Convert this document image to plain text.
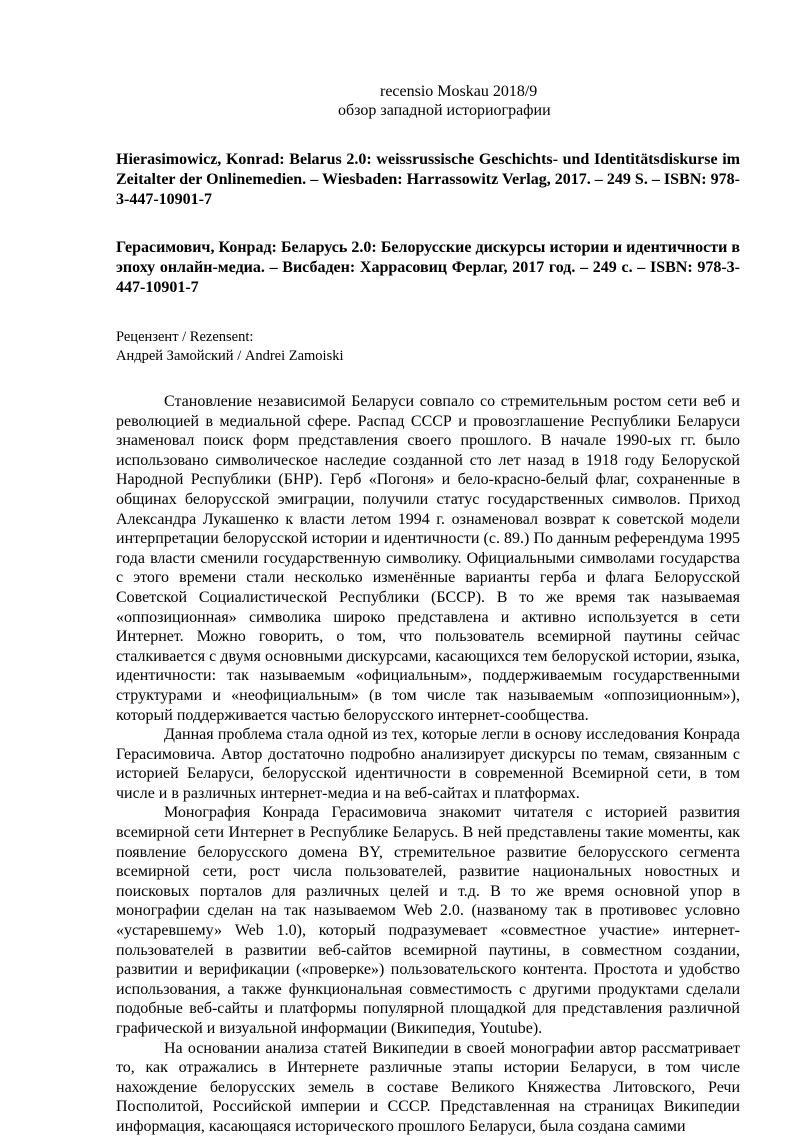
recensio Moskau 2018/9
обзор западной историографии

Hierasimowicz, Konrad: Belarus 2.0: weissrussische Geschichts- und Identitätsdiskurse im Zeitalter der Onlinemedien. – Wiesbaden: Harrassowitz Verlag, 2017. – 249 S. – ISBN: 978-3-447-10901-7

Герасимович, Конрад: Беларусь 2.0: Белорусские дискурсы истории и идентичности в эпоху онлайн-медиа. – Висбаден: Харрасовиц Ферлаг, 2017 год. – 249 с. – ISBN: 978-3-447-10901-7

Рецензент / Rezensent:
Андрей Замойский / Andrei Zamoiski

Становление независимой Беларуси совпало со стремительным ростом сети веб и революцией в медиальной сфере. Распад СССР и провозглашение Республики Беларуси знаменовал поиск форм представления своего прошлого. В начале 1990-ых гг. было использовано символическое наследие созданной сто лет назад в 1918 году Белоруской Народной Республики (БНР). Герб «Погоня» и бело-красно-белый флаг, сохраненные в общинах белорусской эмиграции, получили статус государственных символов. Приход Александра Лукашенко к власти летом 1994 г. ознаменовал возврат к советской модели интерпретации белорусской истории и идентичности (с. 89.) По данным референдума 1995 года власти сменили государственную символику. Официальными символами государства с этого времени стали несколько изменённые варианты герба и флага Белорусской Советской Социалистической Республики (БССР). В то же время так называемая «оппозиционная» символика широко представлена и активно используется в сети Интернет. Можно говорить, о том, что пользователь всемирной паутины сейчас сталкивается с двумя основными дискурсами, касающихся тем белоруской истории, языка, идентичности: так называемым «официальным», поддерживаемым государственными структурами и «неофициальным» (в том числе так называемым «оппозиционным»), который поддерживается частью белорусского интернет-сообщества.

Данная проблема стала одной из тех, которые легли в основу исследования Конрада Герасимовича. Автор достаточно подробно анализирует дискурсы по темам, связанным с историей Беларуси, белорусской идентичности в современной Всемирной сети, в том числе и в различных интернет-медиа и на веб-сайтах и платформах.

Монография Конрада Герасимовича знакомит читателя с историей развития всемирной сети Интернет в Республике Беларусь. В ней представлены такие моменты, как появление белорусского домена BY, стремительное развитие белорусского сегмента всемирной сети, рост числа пользователей, развитие национальных новостных и поисковых порталов для различных целей и т.д. В то же время основной упор в монографии сделан на так называемом Web 2.0. (названому так в противовес условно «устаревшему» Web 1.0), который подразумевает «совместное участие» интернет-пользователей в развитии веб-сайтов всемирной паутины, в совместном создании, развитии и верификации («проверке») пользовательского контента. Простота и удобство использования, а также функциональная совместимость с другими продуктами сделали подобные веб-сайты и платформы популярной площадкой для представления различной графической и визуальной информации (Википедия, Youtube).

На основании анализа статей Википедии в своей монографии автор рассматривает то, как отражались в Интернете различные этапы истории Беларуси, в том числе нахождение белорусских земель в составе Великого Княжества Литовского, Речи Посполитой, Российской империи и СССР. Представленная на страницах Википедии информация, касающаяся исторического прошлого Беларуси, была создана самими
